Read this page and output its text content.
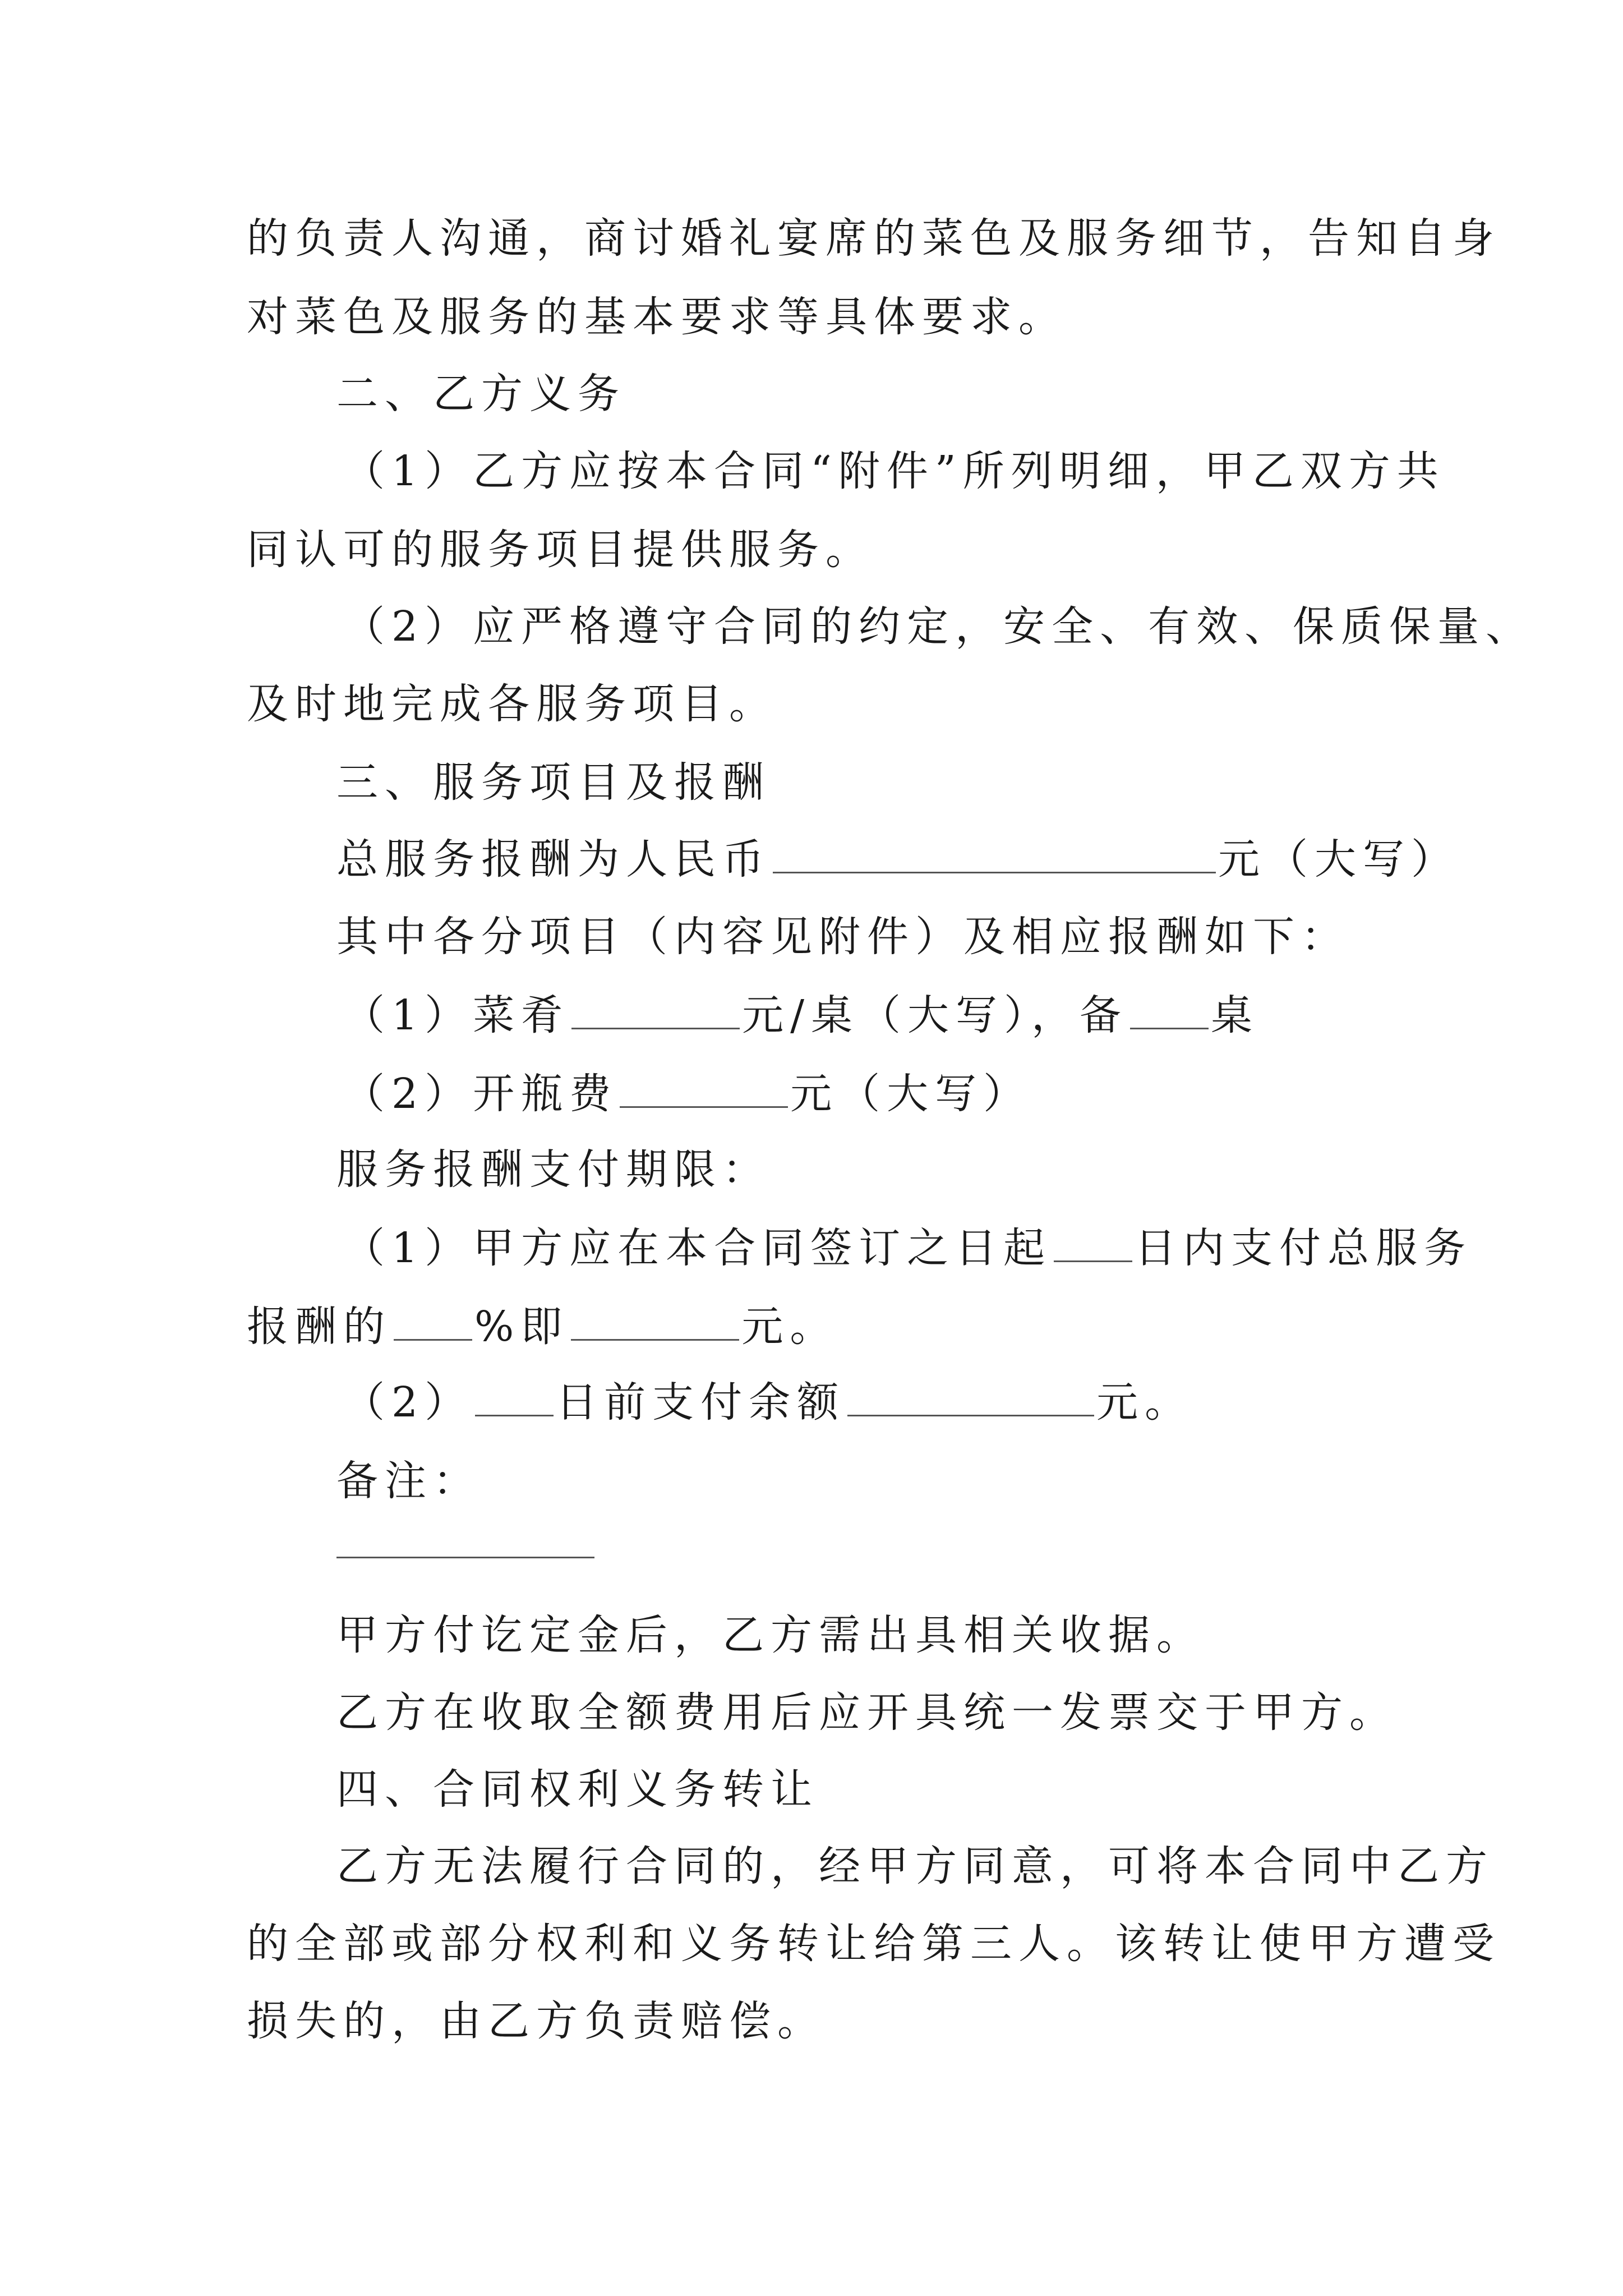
的负责人沟通，商讨婚礼宴席的菜色及服务细节，告知自身
对菜色及服务的基本要求等具体要求。
二、乙方义务
（1）乙方应按本合同“附件”所列明细，甲乙双方共
同认可的服务项目提供服务。
（2）应严格遵守合同的约定，安全、有效、保质保量、
及时地完成各服务项目。
三、服务项目及报酬
总服务报酬为人民币	元（大写）
其中各分项目（内容见附件）及相应报酬如下：
（1）菜肴	元/桌（大写），备 桌
（2）开瓶费	元（大写）
服务报酬支付期限：
（1）甲方应在本合同签订之日起 日内支付总服务
报酬的 %即	元。
（2） 日前支付余额	元。
备注：
甲方付讫定金后，乙方需出具相关收据。
乙方在收取全额费用后应开具统一发票交于甲方。
四、合同权利义务转让
乙方无法履行合同的，经甲方同意，可将本合同中乙方
的全部或部分权利和义务转让给第三人。该转让使甲方遭受
损失的，由乙方负责赔偿。
